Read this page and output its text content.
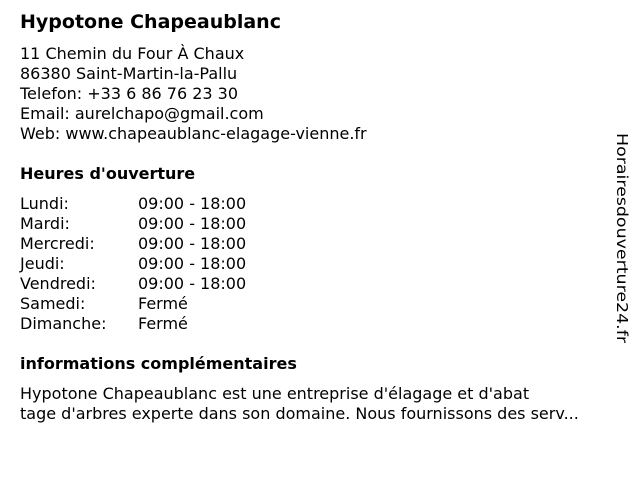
Hypotone Chapeaublanc
11 Chemin du Four À Chaux
86380 Saint-Martin-la-Pallu
Telefon: +33 6 86 76 23 30
Email: aurelchapo@gmail.com
Web: www.chapeaublanc-elagage-vienne.fr
Heures d'ouverture
Lundi:	09:00 - 18:00
Mardi:	09:00 - 18:00
Mercredi:	09:00 - 18:00
Jeudi:	09:00 - 18:00
Vendredi:	09:00 - 18:00
Samedi:	Fermé
Dimanche:	Fermé
informations complémentaires
Hypotone Chapeaublanc est une entreprise d'élagage et d'abat
tage d'arbres experte dans son domaine. Nous fournissons des serv...
Horairesdouverture24.fr
